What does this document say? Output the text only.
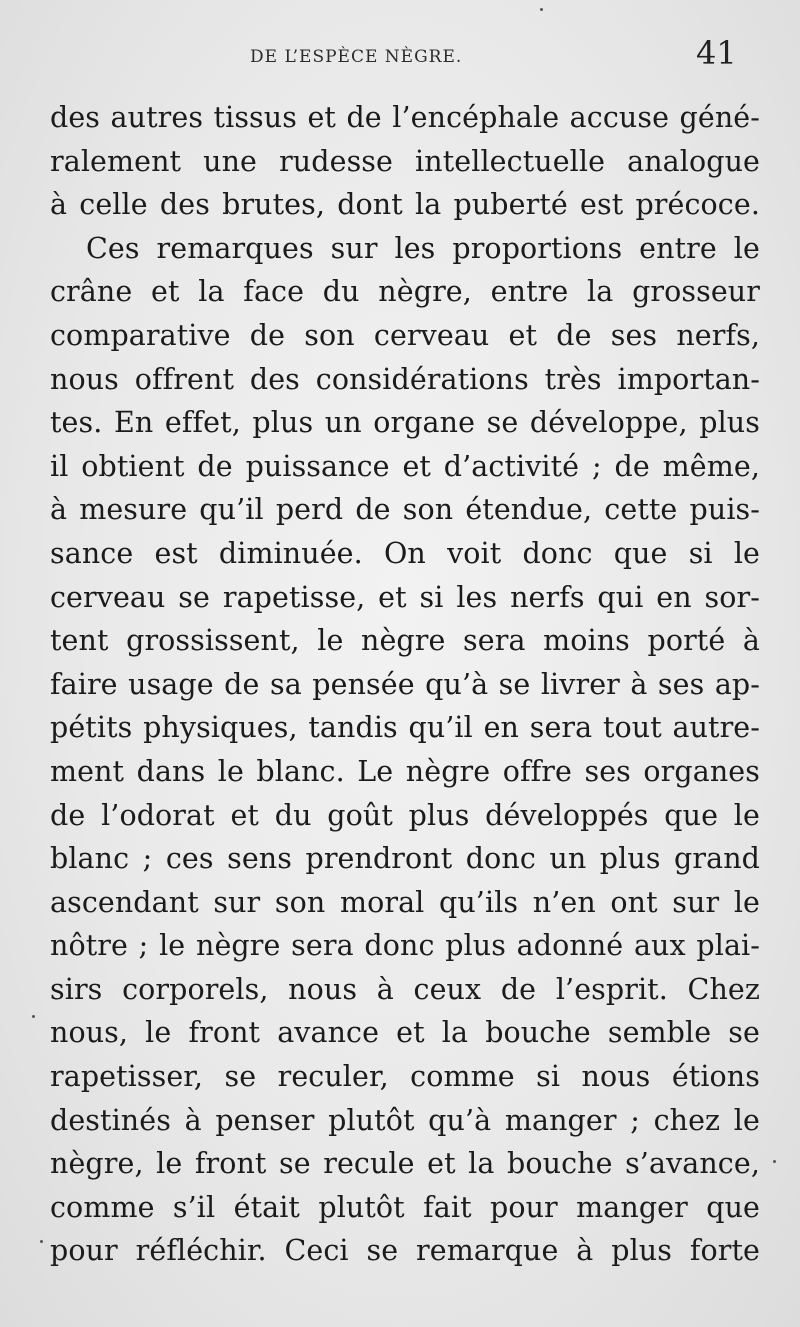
DE L’ESPÈCE NÈGRE.	41
des autres tissus et de l’encéphale accuse géné-
ralement une rudesse intellectuelle analogue
à celle des brutes, dont la puberté est précoce.
Ces remarques sur les proportions entre le
crâne et la face du nègre, entre la grosseur
comparative de son cerveau et de ses nerfs,
nous offrent des considérations très importan-
tes. En effet, plus un organe se développe, plus
il obtient de puissance et d’activité ; de même,
à mesure qu’il perd de son étendue, cette puis-
sance est diminuée. On voit donc que si le
cerveau se rapetisse, et si les nerfs qui en sor-
tent grossissent, le nègre sera moins porté à
faire usage de sa pensée qu’à se livrer à ses ap-
pétits physiques, tandis qu’il en sera tout autre-
ment dans le blanc. Le nègre offre ses organes
de l’odorat et du goût plus développés que le
blanc ; ces sens prendront donc un plus grand
ascendant sur son moral qu’ils n’en ont sur le
nôtre ; le nègre sera donc plus adonné aux plai-
sirs corporels, nous à ceux de l’esprit. Chez
nous, le front avance et la bouche semble se
rapetisser, se reculer, comme si nous étions
destinés à penser plutôt qu’à manger ; chez le
nègre, le front se recule et la bouche s’avance,
comme s’il était plutôt fait pour manger que
pour réfléchir. Ceci se remarque à plus forte
